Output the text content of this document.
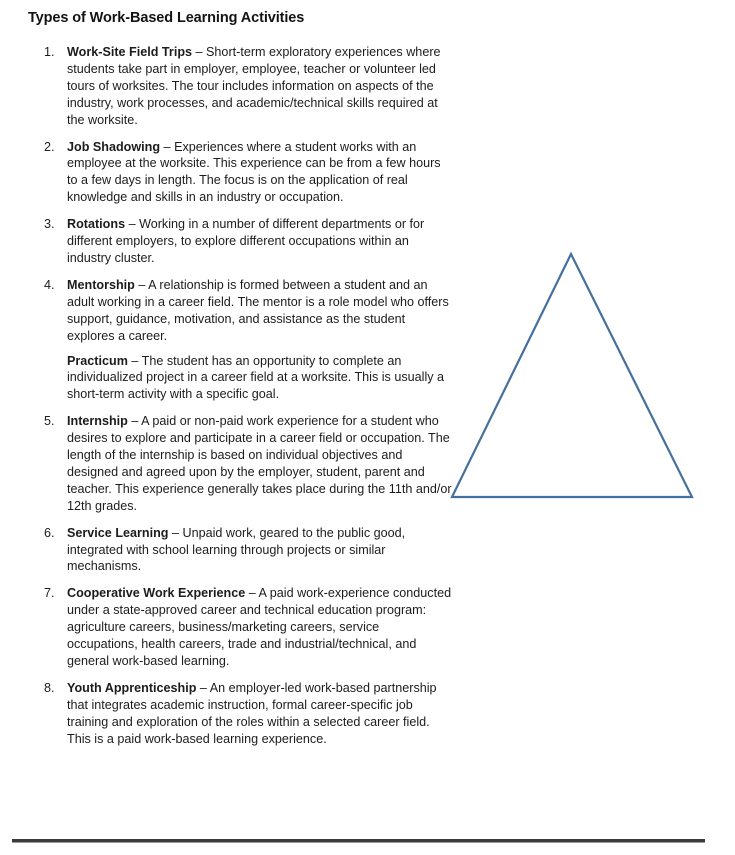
Types of Work-Based Learning Activities
1. Work-Site Field Trips – Short-term exploratory experiences where students take part in employer, employee, teacher or volunteer led tours of worksites. The tour includes information on aspects of the industry, work processes, and academic/technical skills required at the worksite.
2. Job Shadowing – Experiences where a student works with an employee at the worksite. This experience can be from a few hours to a few days in length. The focus is on the application of real knowledge and skills in an industry or occupation.
3. Rotations – Working in a number of different departments or for different employers, to explore different occupations within an industry cluster.
4. Mentorship – A relationship is formed between a student and an adult working in a career field. The mentor is a role model who offers support, guidance, motivation, and assistance as the student explores a career.
Practicum – The student has an opportunity to complete an individualized project in a career field at a worksite. This is usually a short-term activity with a specific goal.
5. Internship – A paid or non-paid work experience for a student who desires to explore and participate in a career field or occupation. The length of the internship is based on individual objectives and designed and agreed upon by the employer, student, parent and teacher. This experience generally takes place during the 11th and/or 12th grades.
6. Service Learning – Unpaid work, geared to the public good, integrated with school learning through projects or similar mechanisms.
7. Cooperative Work Experience – A paid work-experience conducted under a state-approved career and technical education program: agriculture careers, business/marketing careers, service occupations, health careers, trade and industrial/technical, and general work-based learning.
8. Youth Apprenticeship – An employer-led work-based partnership that integrates academic instruction, formal career-specific job training and exploration of the roles within a selected career field. This is a paid work-based learning experience.
